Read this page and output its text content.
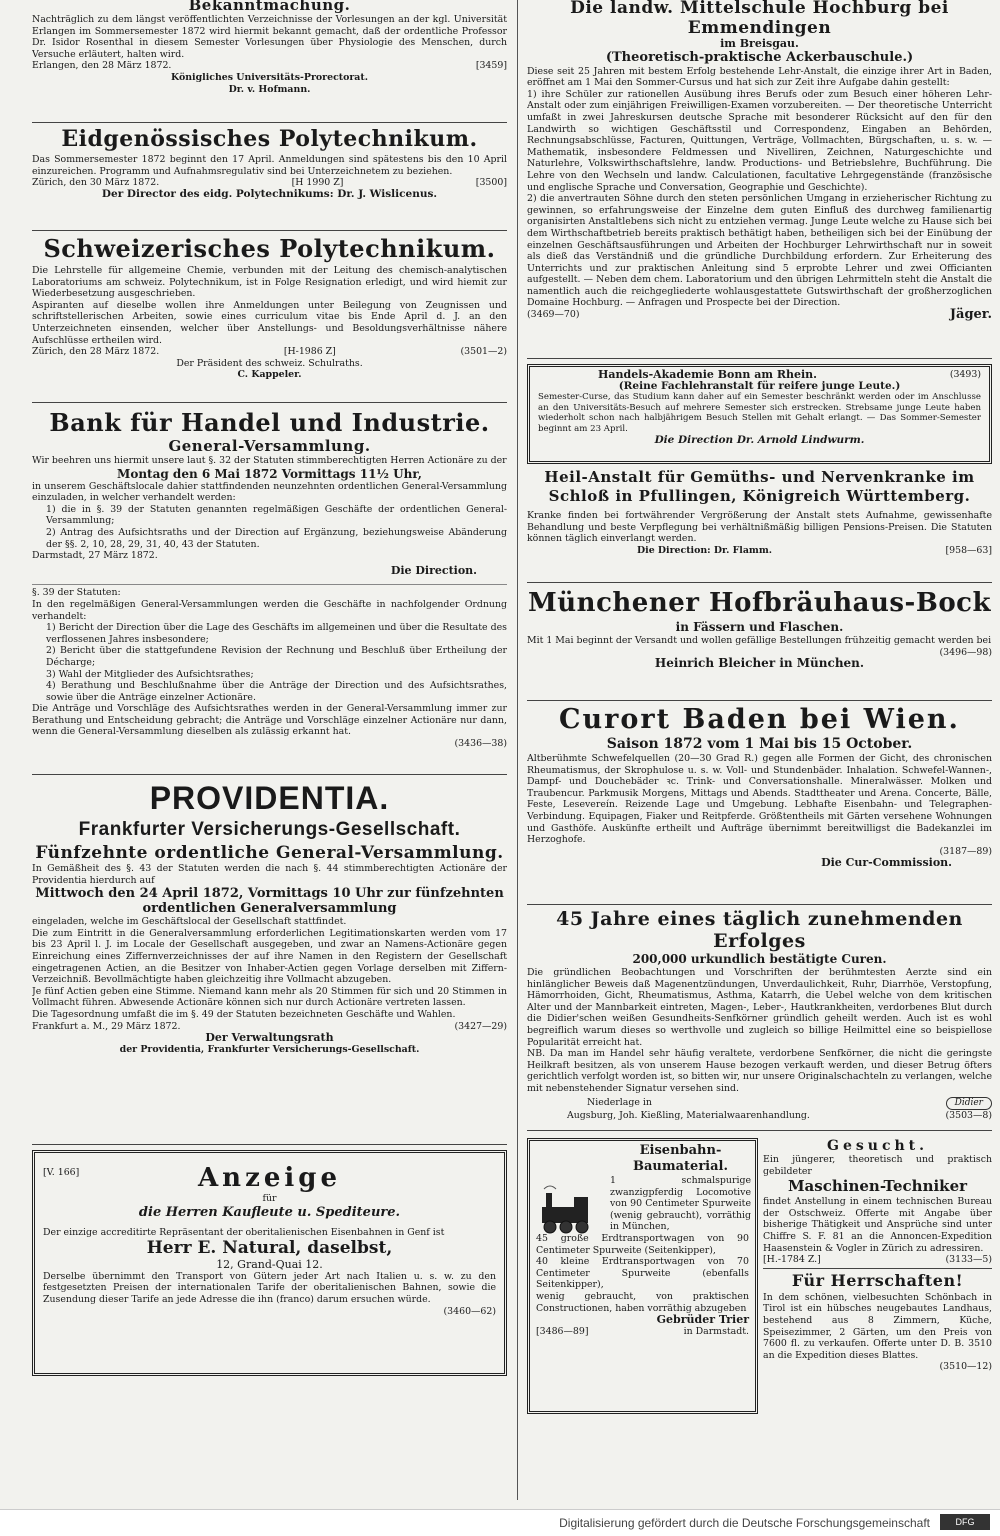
Bekanntmachung.

Nachträglich zu dem längst veröffentlichten Verzeichnisse der Vorlesungen an der kgl. Universität Erlangen im Sommersemester 1872 wird hiermit bekannt gemacht, daß der ordentliche Professor Dr. Isidor Rosenthal in diesem Semester Vorlesungen über Physiologie des Menschen, durch Versuche erläutert, halten wird.

Erlangen, den 28 März 1872.	[3459]

Königliches Universitäts-Prorectorat.

Dr. v. Hofmann.

Eidgenössisches Polytechnikum.

Das Sommersemester 1872 beginnt den 17 April. Anmeldungen sind spätestens bis den 10 April einzureichen. Programm und Aufnahmsregulativ sind bei Unterzeichnetem zu beziehen.

Zürich, den 30 März 1872.	[H 1990 Z]	[3500]

Der Director des eidg. Polytechnikums: Dr. J. Wislicenus.

Schweizerisches Polytechnikum.

Die Lehrstelle für allgemeine Chemie, verbunden mit der Leitung des chemisch-analytischen Laboratoriums am schweiz. Polytechnikum, ist in Folge Resignation erledigt, und wird hiemit zur Wiederbesetzung ausgeschrieben.

Aspiranten auf dieselbe wollen ihre Anmeldungen unter Beilegung von Zeugnissen und schriftstellerischen Arbeiten, sowie eines curriculum vitae bis Ende April d. J. an den Unterzeichneten einsenden, welcher über Anstellungs- und Besoldungsverhältnisse nähere Aufschlüsse ertheilen wird.

Zürich, den 28 März 1872.	[H-1986 Z]	(3501—2)

Der Präsident des schweiz. Schulraths.

C. Kappeler.

Bank für Handel und Industrie.
General-Versammlung.

Wir beehren uns hiermit unsere laut §. 32 der Statuten stimmberechtigten Herren Actionäre zu der

Montag den 6 Mai 1872 Vormittags 11½ Uhr,

in unserem Geschäftslocale dahier stattfindenden neunzehnten ordentlichen General-Versammlung einzuladen, in welcher verhandelt werden:

1) die in §. 39 der Statuten genannten regelmäßigen Geschäfte der ordentlichen General-Versammlung;

2) Antrag des Aufsichtsraths und der Direction auf Ergänzung, beziehungsweise Abänderung der §§. 2, 10, 28, 29, 31, 40, 43 der Statuten.

Darmstadt, 27 März 1872.

Die Direction.

§. 39 der Statuten:

In den regelmäßigen General-Versammlungen werden die Geschäfte in nachfolgender Ordnung verhandelt:

1) Bericht der Direction über die Lage des Geschäfts im allgemeinen und über die Resultate des verflossenen Jahres insbesondere;

2) Bericht über die stattgefundene Revision der Rechnung und Beschluß über Ertheilung der Décharge;

3) Wahl der Mitglieder des Aufsichtsrathes;

4) Berathung und Beschlußnahme über die Anträge der Direction und des Aufsichtsrathes, sowie über die Anträge einzelner Actionäre.

Die Anträge und Vorschläge des Aufsichtsrathes werden in der General-Versammlung immer zur Berathung und Entscheidung gebracht; die Anträge und Vorschläge einzelner Actionäre nur dann, wenn die General-Versammlung dieselben als zulässig erkannt hat.

(3436—38)

PROVIDENTIA.
Frankfurter Versicherungs-Gesellschaft.
Fünfzehnte ordentliche General-Versammlung.

In Gemäßheit des §. 43 der Statuten werden die nach §. 44 stimmberechtigten Actionäre der Providentia hierdurch auf

Mittwoch den 24 April 1872, Vormittags 10 Uhr zur fünfzehnten ordentlichen Generalversammlung

eingeladen, welche im Geschäftslocal der Gesellschaft stattfindet.

Die zum Eintritt in die Generalversammlung erforderlichen Legitimationskarten werden vom 17 bis 23 April l. J. im Locale der Gesellschaft ausgegeben, und zwar an Namens-Actionäre gegen Einreichung eines Ziffernverzeichnisses der auf ihre Namen in den Registern der Gesellschaft eingetragenen Actien, an die Besitzer von Inhaber-Actien gegen Vorlage derselben mit Ziffern-Verzeichniß. Bevollmächtigte haben gleichzeitig ihre Vollmacht abzugeben.

Je fünf Actien geben eine Stimme. Niemand kann mehr als 20 Stimmen für sich und 20 Stimmen in Vollmacht führen. Abwesende Actionäre können sich nur durch Actionäre vertreten lassen.

Die Tagesordnung umfaßt die im §. 49 der Statuten bezeichneten Geschäfte und Wahlen.

Frankfurt a. M., 29 März 1872.	(3427—29)

Der Verwaltungsrath

der Providentia, Frankfurter Versicherungs-Gesellschaft.

[V. 166]	Anzeige

für

die Herren Kaufleute u. Spediteure.

Der einzige accreditirte Repräsentant der oberitalienischen Eisenbahnen in Genf ist

Herr E. Natural, daselbst,

12, Grand-Quai 12.

Derselbe übernimmt den Transport von Gütern jeder Art nach Italien u. s. w. zu den festgesetzten Preisen der internationalen Tarife der oberitalienischen Bahnen, sowie die Zusendung dieser Tarife an jede Adresse die ihn (franco) darum ersuchen würde.

(3460—62)

Die landw. Mittelschule Hochburg bei Emmendingen

im Breisgau.

(Theoretisch-praktische Ackerbauschule.)

Diese seit 25 Jahren mit bestem Erfolg bestehende Lehr-Anstalt, die einzige ihrer Art in Baden, eröffnet am 1 Mai den Sommer-Cursus und hat sich zur Zeit ihre Aufgabe dahin gestellt:

1) ihre Schüler zur rationellen Ausübung ihres Berufs oder zum Besuch einer höheren Lehr-Anstalt oder zum einjährigen Freiwilligen-Examen vorzubereiten. — Der theoretische Unterricht umfaßt in zwei Jahreskursen deutsche Sprache mit besonderer Rücksicht auf den für den Landwirth so wichtigen Geschäftsstil und Correspondenz, Eingaben an Behörden, Rechnungsabschlüsse, Facturen, Quittungen, Verträge, Vollmachten, Bürgschaften, u. s. w. — Mathematik, insbesondere Feldmessen und Nivelliren, Zeichnen, Naturgeschichte und Naturlehre, Volkswirthschaftslehre, landw. Productions- und Betriebslehre, Buchführung. Die Lehre von den Wechseln und landw. Calculationen, facultative Lehrgegenstände (französische und englische Sprache und Conversation, Geographie und Geschichte).

2) die anvertrauten Söhne durch den steten persönlichen Umgang in erzieherischer Richtung zu gewinnen, so erfahrungsweise der Einzelne dem guten Einfluß des durchweg familienartig organisirten Anstaltlebens sich nicht zu entziehen vermag. Junge Leute welche zu Hause sich bei dem Wirthschaftbetrieb bereits praktisch bethätigt haben, betheiligen sich bei der Einübung der einzelnen Geschäftsausführungen und Arbeiten der Hochburger Lehrwirthschaft nur in soweit als dieß das Verständniß und die gründliche Durchbildung erfordern. Zur Erheiterung des Unterrichts und zur praktischen Anleitung sind 5 erprobte Lehrer und zwei Officianten aufgestellt. — Neben dem chem. Laboratorium und den übrigen Lehrmitteln steht die Anstalt die namentlich auch die reichgegliederte wohlausgestattete Gutswirthschaft der großherzoglichen Domaine Hochburg. — Anfragen und Prospecte bei der Direction.

(3469—70)	Jäger.
Handels-Akademie Bonn am Rhein.	(3493)

(Reine Fachlehranstalt für reifere junge Leute.)

Semester-Curse, das Studium kann daher auf ein Semester beschränkt werden oder im Anschlusse an den Universitäts-Besuch auf mehrere Semester sich erstrecken. Strebsame junge Leute haben wiederholt schon nach halbjährigem Besuch Stellen mit Gehalt erlangt. — Das Sommer-Semester beginnt am 23 April.

Die Direction Dr. Arnold Lindwurm.

Heil-Anstalt für Gemüths- und Nervenkranke im Schloß in Pfullingen, Königreich Württemberg.

Kranke finden bei fortwährender Vergrößerung der Anstalt stets Aufnahme, gewissenhafte Behandlung und beste Verpflegung bei verhältnißmäßig billigen Pensions-Preisen. Die Statuten können täglich einverlangt werden.

Die Direction: Dr. Flamm.	[958—63]
Münchener Hofbräuhaus-Bock

in Fässern und Flaschen.

Mit 1 Mai beginnt der Versandt und wollen gefällige Bestellungen frühzeitig gemacht werden bei

(3496—98)

Heinrich Bleicher in München.

Curort Baden bei Wien.

Saison 1872 vom 1 Mai bis 15 October.

Altberühmte Schwefelquellen (20—30 Grad R.) gegen alle Formen der Gicht, des chronischen Rheumatismus, der Skrophulose u. s. w. Voll- und Stundenbäder. Inhalation. Schwefel-Wannen-, Dampf- und Douchebäder ꝛc. Trink- und Conversationshalle. Mineralwässer. Molken und Traubencur. Parkmusik Morgens, Mittags und Abends. Stadttheater und Arena. Concerte, Bälle, Feste, Lesevereín. Reizende Lage und Umgebung. Lebhafte Eisenbahn- und Telegraphen-Verbindung. Equipagen, Fiaker und Reitpferde. Größtentheils mit Gärten versehene Wohnungen und Gasthöfe. Auskünfte ertheilt und Aufträge übernimmt bereitwilligst die Badekanzlei im Herzoghofe.

(3187—89)

Die Cur-Commission.

45 Jahre eines täglich zunehmenden Erfolges

200,000 urkundlich bestätigte Curen.

Die gründlichen Beobachtungen und Vorschriften der berühmtesten Aerzte sind ein hinlänglicher Beweis daß Magenentzündungen, Unverdaulichkeit, Ruhr, Diarrhöe, Verstopfung, Hämorrhoiden, Gicht, Rheumatismus, Asthma, Katarrh, die Uebel welche von dem kritischen Alter und der Mannbarkeit eintreten, Magen-, Leber-, Hautkrankheiten, verdorbenes Blut durch die Didier'schen weißen Gesundheits-Senfkörner gründlich geheilt werden. Auch ist es wohl begreiflich warum dieses so werthvolle und zugleich so billige Heilmittel eine so beispiellose Popularität erreicht hat.

NB. Da man im Handel sehr häufig veraltete, verdorbene Senfkörner, die nicht die geringste Heilkraft besitzen, als von unserem Hause bezogen verkauft werden, und dieser Betrug öfters gerichtlich verfolgt worden ist, so bitten wir, nur unsere Originalschachteln zu verlangen, welche mit nebenstehender Signatur versehen sind.

Niederlage in	Didier
Augsburg, Joh. Kießling, Materialwaarenhandlung.	(3503—8)

Eisenbahn-

Baumaterial.

1 schmalspurige zwanzigpferdig Locomotive von 90 Centimeter Spurweite (wenig gebraucht), vorräthig in München,

45 große Erdtransportwagen von 90 Centimeter Spurweite (Seitenkipper),

40 kleine Erdtransportwagen von 70 Centimeter Spurweite (ebenfalls Seitenkipper),

wenig gebraucht, von praktischen Constructionen, haben vorräthig abzugeben

Gebrüder Trier

[3486—89]	in Darmstadt.
Gesucht.

Ein jüngerer, theoretisch und praktisch gebildeter

Maschinen-Techniker

findet Anstellung in einem technischen Bureau der Ostschweiz. Offerte mit Angabe über bisherige Thätigkeit und Ansprüche sind unter Chiffre S. F. 81 an die Annoncen-Expedition Haasenstein & Vogler in Zürich zu adressiren.

[H.-1784 Z.]	(3133—5)
Für Herrschaften!

In dem schönen, vielbesuchten Schönbach in Tirol ist ein hübsches neugebautes Landhaus, bestehend aus 8 Zimmern, Küche, Speisezimmer, 2 Gärten, um den Preis von 7600 fl. zu verkaufen. Offerte unter D. B. 3510 an die Expedition dieses Blattes.

(3510—12)

Digitalisierung gefördert durch die Deutsche Forschungsgemeinschaft	DFG
